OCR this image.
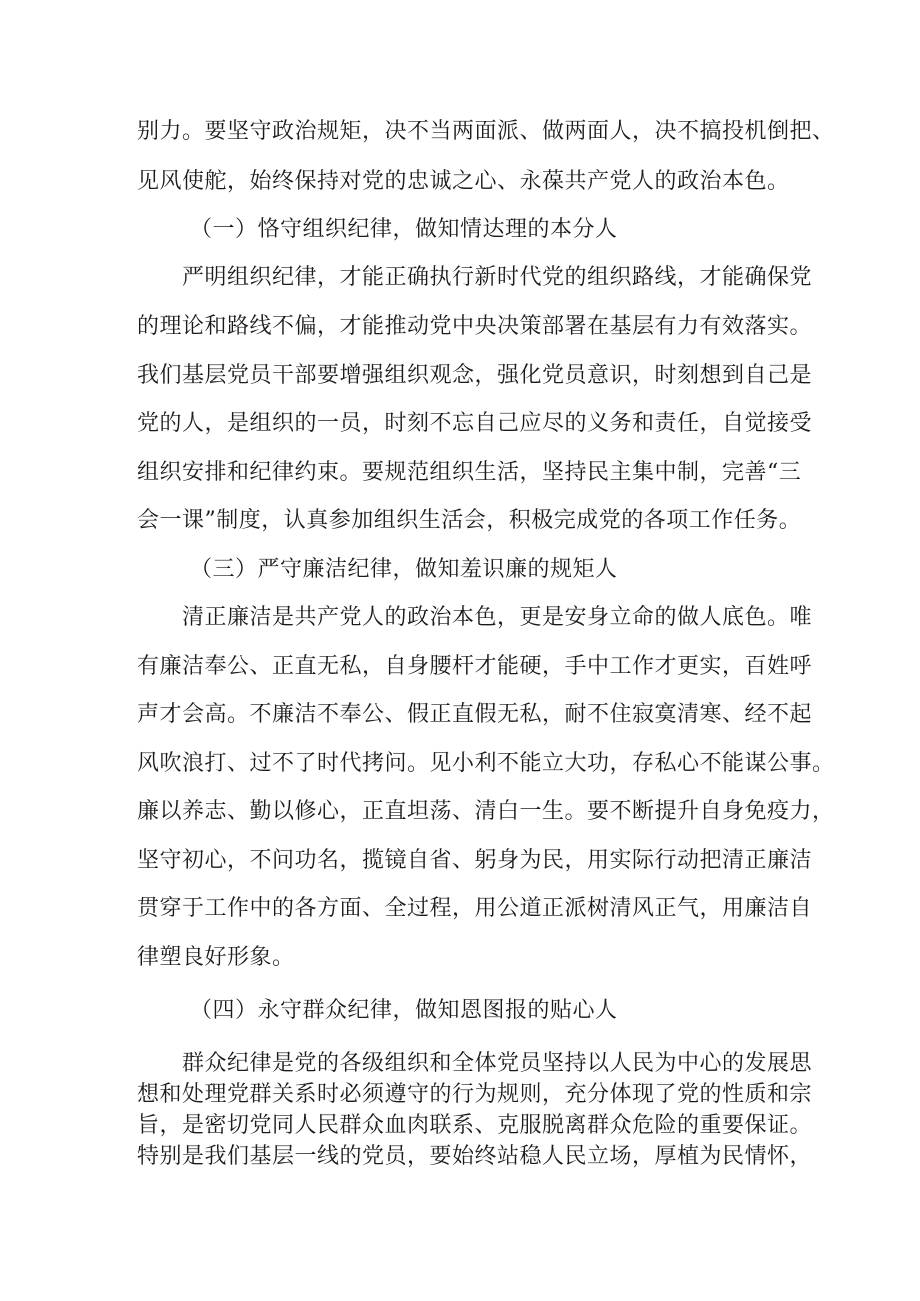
别力。要坚守政治规矩，决不当两面派、做两面人，决不搞投机倒把、
见风使舵，始终保持对党的忠诚之心、永葆共产党人的政治本色。
（一）恪守组织纪律，做知情达理的本分人
严明组织纪律，才能正确执行新时代党的组织路线，才能确保党
的理论和路线不偏，才能推动党中央决策部署在基层有力有效落实。
我们基层党员干部要增强组织观念，强化党员意识，时刻想到自己是
党的人，是组织的一员，时刻不忘自己应尽的义务和责任，自觉接受
组织安排和纪律约束。要规范组织生活，坚持民主集中制，完善“三
会一课”制度，认真参加组织生活会，积极完成党的各项工作任务。
（三）严守廉洁纪律，做知羞识廉的规矩人
清正廉洁是共产党人的政治本色，更是安身立命的做人底色。唯
有廉洁奉公、正直无私，自身腰杆才能硬，手中工作才更实，百姓呼
声才会高。不廉洁不奉公、假正直假无私，耐不住寂寞清寒、经不起
风吹浪打、过不了时代拷问。见小利不能立大功，存私心不能谋公事。
廉以养志、勤以修心，正直坦荡、清白一生。要不断提升自身免疫力，
坚守初心，不问功名，揽镜自省、躬身为民，用实际行动把清正廉洁
贯穿于工作中的各方面、全过程，用公道正派树清风正气，用廉洁自
律塑良好形象。
（四）永守群众纪律，做知恩图报的贴心人
群众纪律是党的各级组织和全体党员坚持以人民为中心的发展思
想和处理党群关系时必须遵守的行为规则，充分体现了党的性质和宗
旨，是密切党同人民群众血肉联系、克服脱离群众危险的重要保证。
特别是我们基层一线的党员，要始终站稳人民立场，厚植为民情怀，
